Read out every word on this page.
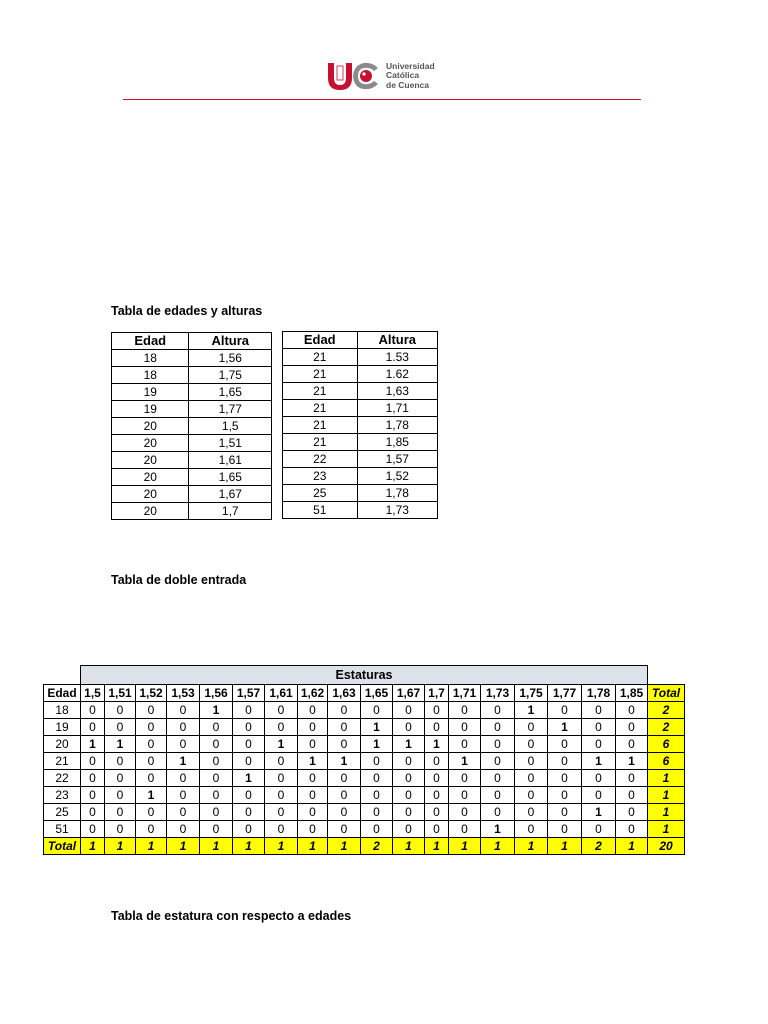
Universidad
Católica
de Cuenca
Tabla de edades y alturas
Edad	Altura
18	1,56
18	1,75
19	1,65
19	1,77
20	1,5
20	1,51
20	1,61
20	1,65
20	1,67
20	1,7
Edad	Altura
21	1.53
21	1.62
21	1,63
21	1,71
21	1,78
21	1,85
22	1,57
23	1,52
25	1,78
51	1,73
Tabla de doble entrada
	Estaturas																		
Edad	1,5	1,51	1,52	1,53	1,56	1,57	1,61	1,62	1,63	1,65	1,67	1,7	1,71	1,73	1,75	1,77	1,78	1,85	Total
18	0	0	0	0	1	0	0	0	0	0	0	0	0	0	1	0	0	0	2
19	0	0	0	0	0	0	0	0	0	1	0	0	0	0	0	1	0	0	2
20	1	1	0	0	0	0	1	0	0	1	1	1	0	0	0	0	0	0	6
21	0	0	0	1	0	0	0	1	1	0	0	0	1	0	0	0	1	1	6
22	0	0	0	0	0	1	0	0	0	0	0	0	0	0	0	0	0	0	1
23	0	0	1	0	0	0	0	0	0	0	0	0	0	0	0	0	0	0	1
25	0	0	0	0	0	0	0	0	0	0	0	0	0	0	0	0	1	0	1
51	0	0	0	0	0	0	0	0	0	0	0	0	0	1	0	0	0	0	1
Total	1	1	1	1	1	1	1	1	1	2	1	1	1	1	1	1	2	1	20
Tabla de estatura con respecto a edades
